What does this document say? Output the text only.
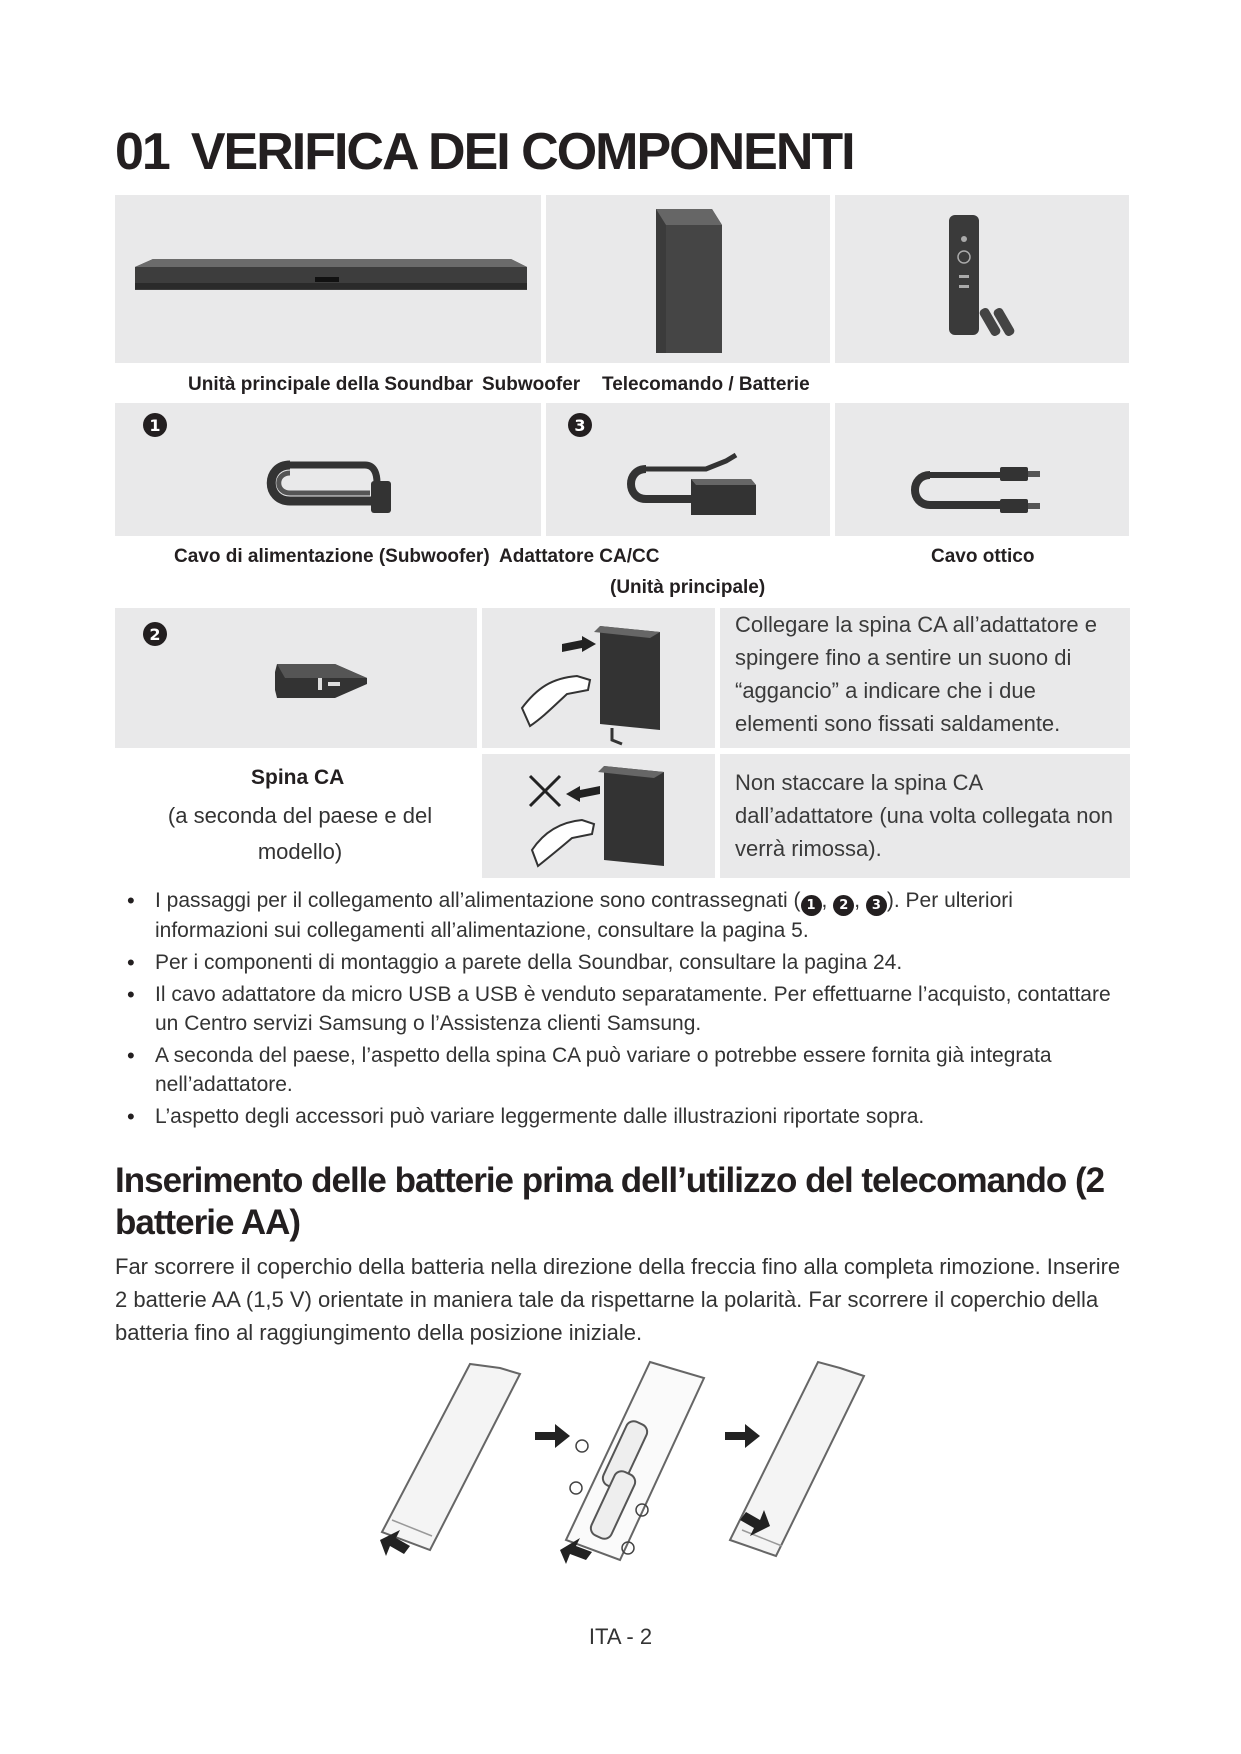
01 VERIFICA DEI COMPONENTI
Unità principale della Soundbar Subwoofer Telecomando / Batterie
1	3
Cavo di alimentazione (Subwoofer) Adattatore CA/CC
(Unità principale)
Cavo ottico
2	Collegare la spina CA all’adattatore e spingere fino a sentire un suono di “aggancio” a indicare che i due elementi sono fissati saldamente.
Spina CA
(a seconda del paese e del modello)
Non staccare la spina CA dall’adattatore (una volta collegata non verrà rimossa).
• I passaggi per il collegamento all’alimentazione sono contrassegnati ( 1 , 2 , 3 ). Per ulteriori informazioni sui collegamenti all’alimentazione, consultare la pagina 5.
• Per i componenti di montaggio a parete della Soundbar, consultare la pagina 24.
• Il cavo adattatore da micro USB a USB è venduto separatamente. Per effettuarne l’acquisto, contattare un Centro servizi Samsung o l’Assistenza clienti Samsung.
• A seconda del paese, l’aspetto della spina CA può variare o potrebbe essere fornita già integrata nell’adattatore.
• L’aspetto degli accessori può variare leggermente dalle illustrazioni riportate sopra.
Inserimento delle batterie prima dell’utilizzo del telecomando (2 batterie AA)
Far scorrere il coperchio della batteria nella direzione della freccia fino alla completa rimozione. Inserire 2 batterie AA (1,5 V) orientate in maniera tale da rispettarne la polarità. Far scorrere il coperchio della batteria fino al raggiungimento della posizione iniziale.
ITA - 2
